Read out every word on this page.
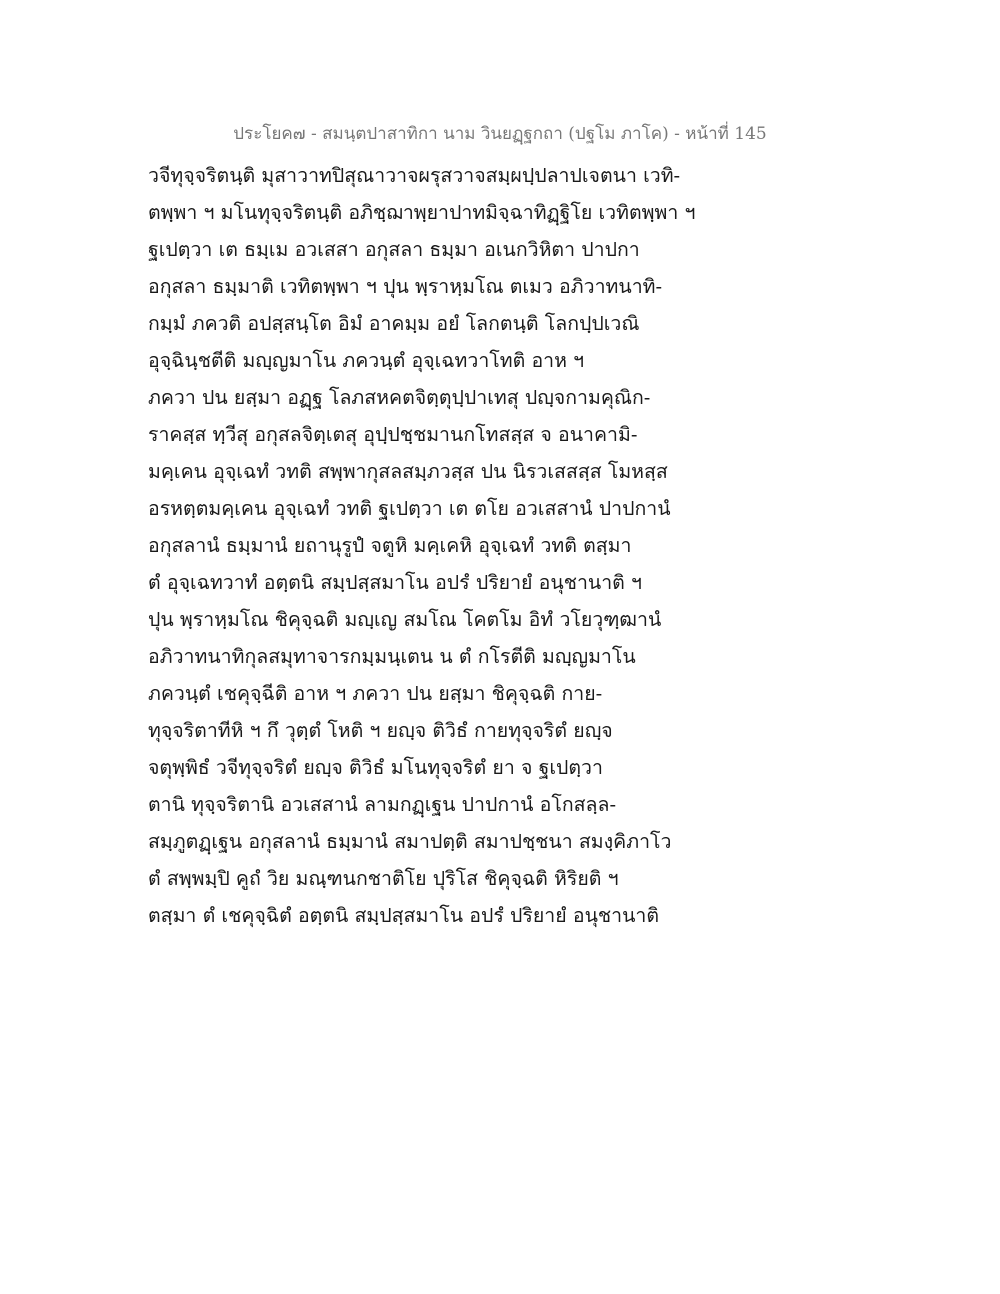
ประโยค๗ - สมนฺตปาสาทิกา นาม วินยฏฺฐกถา (ปฐโม ภาโค) - หน้าที่ 145
วจีทุจฺจริตนฺติ มุสาวาทปิสุณาวาจผรุสวาจสมฺผปฺปลาปเจตนา เวทิ-
ตพฺพา ฯ มโนทุจฺจริตนฺติ อภิชฺฌาพฺยาปาทมิจฺฉาทิฏฺฐิโย เวทิตพฺพา ฯ
ฐเปตฺวา เต ธมฺเม อวเสสา อกุสลา ธมฺมา อเนกวิหิตา ปาปกา
อกุสลา ธมฺมาติ เวทิตพฺพา ฯ ปุน พฺราหฺมโณ ตเมว อภิวาทนาทิ-
กมฺมํ ภควติ อปสฺสนฺโต อิมํ อาคมฺม อยํ โลกตนฺติ โลกปฺปเวณิ
อุจฺฉินฺชตีติ มญฺญมาโน ภควนฺตํ อุจฺเฉทวาโทติ อาห ฯ
ภควา ปน ยสฺมา อฏฺฐ โลภสหคตจิตฺตุปฺปาเทสุ ปญฺจกามคุณิก-
ราคสฺส ทฺวีสุ อกุสลจิตฺเตสุ อุปฺปชฺชมานกโทสสฺส จ อนาคามิ-
มคฺเคน อุจฺเฉทํ วทติ สพฺพากุสลสมฺภวสฺส ปน นิรวเสสสฺส โมหสฺส
อรหตฺตมคฺเคน อุจฺเฉทํ วทติ ฐเปตฺวา เต ตโย อวเสสานํ ปาปกานํ
อกุสลานํ ธมฺมานํ ยถานุรูปํ จตูหิ มคฺเคหิ อุจฺเฉทํ วทติ ตสฺมา
ตํ อุจฺเฉทวาทํ อตฺตนิ สมฺปสฺสมาโน อปรํ ปริยายํ อนุชานาติ ฯ
ปุน พฺราหฺมโณ ชิคุจฺฉติ มญฺเญ สมโณ โคตโม อิทํ วโยวุฑฺฒานํ
อภิวาทนาทิกุลสมุทาจารกมฺมนฺเตน น ตํ กโรตีติ มญฺญมาโน
ภควนฺตํ เชคุจฺฉีติ อาห ฯ ภควา ปน ยสฺมา ชิคุจฺฉติ กาย-
ทุจฺจริตาทีหิ ฯ กึ วุตฺตํ โหติ ฯ ยญฺจ ติวิธํ กายทุจฺจริตํ ยญฺจ
จตุพฺพิธํ วจีทุจฺจริตํ ยญฺจ ติวิธํ มโนทุจฺจริตํ ยา จ ฐเปตฺวา
ตานิ ทุจฺจริตานิ อวเสสานํ ลามกฏฺเฐน ปาปกานํ อโกสลฺล-
สมฺภูตฏฺเฐน อกุสลานํ ธมฺมานํ สมาปตฺติ สมาปชฺชนา สมงฺคิภาโว
ตํ สพฺพมฺปิ คูถํ วิย มณฺฑนกชาติโย ปุริโส ชิคุจฺฉติ หิริยติ ฯ
ตสฺมา ตํ เชคุจฺฉิตํ อตฺตนิ สมฺปสฺสมาโน อปรํ ปริยายํ อนุชานาติ
